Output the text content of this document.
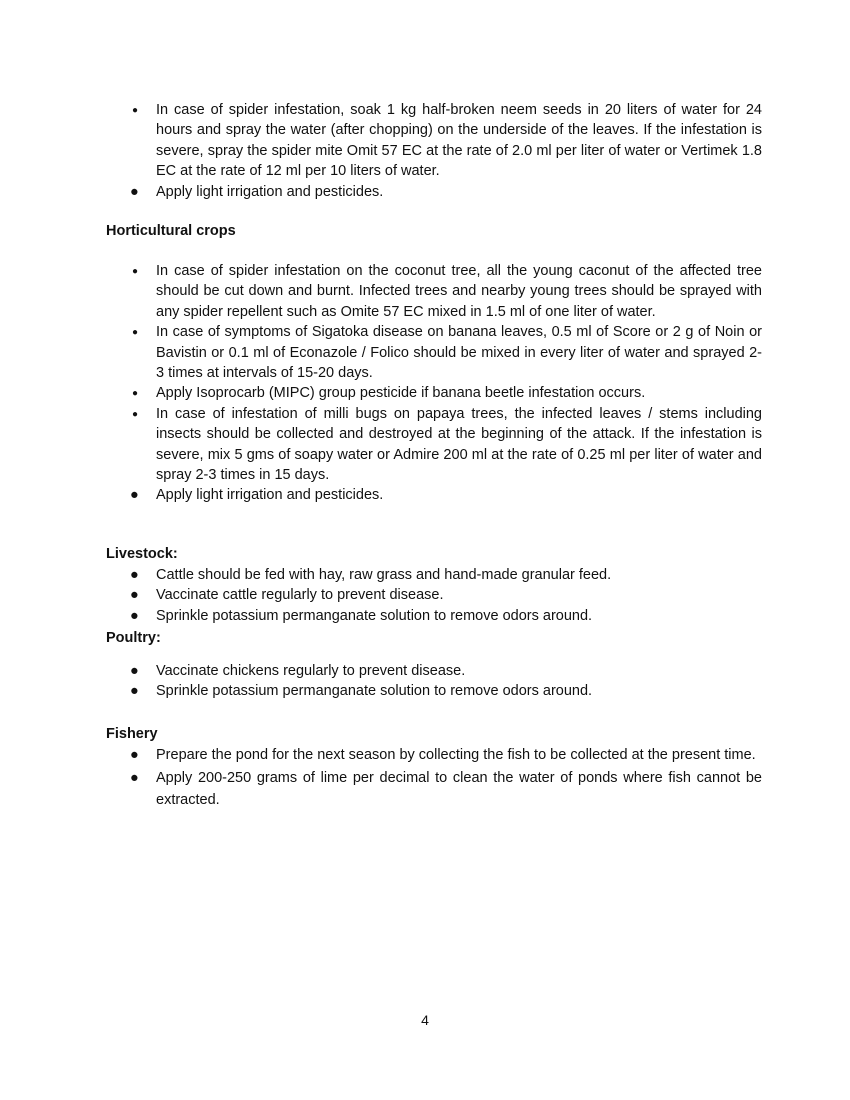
● In case of spider infestation, soak 1 kg half-broken neem seeds in 20 liters of water for 24 hours and spray the water (after chopping) on the underside of the leaves. If the infestation is severe, spray the spider mite Omit 57 EC at the rate of 2.0 ml per liter of water or Vertimek 1.8 EC at the rate of 12 ml per 10 liters of water.
● Apply light irrigation and pesticides.

Horticultural crops

● In case of spider infestation on the coconut tree, all the young caconut of the affected tree should be cut down and burnt. Infected trees and nearby young trees should be sprayed with any spider repellent such as Omite 57 EC mixed in 1.5 ml of one liter of water.
● In case of symptoms of Sigatoka disease on banana leaves, 0.5 ml of Score or 2 g of Noin or Bavistin or 0.1 ml of Econazole / Folico should be mixed in every liter of water and sprayed 2-3 times at intervals of 15-20 days.
● Apply Isoprocarb (MIPC) group pesticide if banana beetle infestation occurs.
● In case of infestation of milli bugs on papaya trees, the infected leaves / stems including insects should be collected and destroyed at the beginning of the attack. If the infestation is severe, mix 5 gms of soapy water or Admire 200 ml at the rate of 0.25 ml per liter of water and spray 2-3 times in 15 days.
● Apply light irrigation and pesticides.

Livestock:

● Cattle should be fed with hay, raw grass and hand-made granular feed.
● Vaccinate cattle regularly to prevent disease.
● Sprinkle potassium permanganate solution to remove odors around.

Poultry:

● Vaccinate chickens regularly to prevent disease.
● Sprinkle potassium permanganate solution to remove odors around.

Fishery

● Prepare the pond for the next season by collecting the fish to be collected at the present time.
● Apply 200-250 grams of lime per decimal to clean the water of ponds where fish cannot be extracted.
4
